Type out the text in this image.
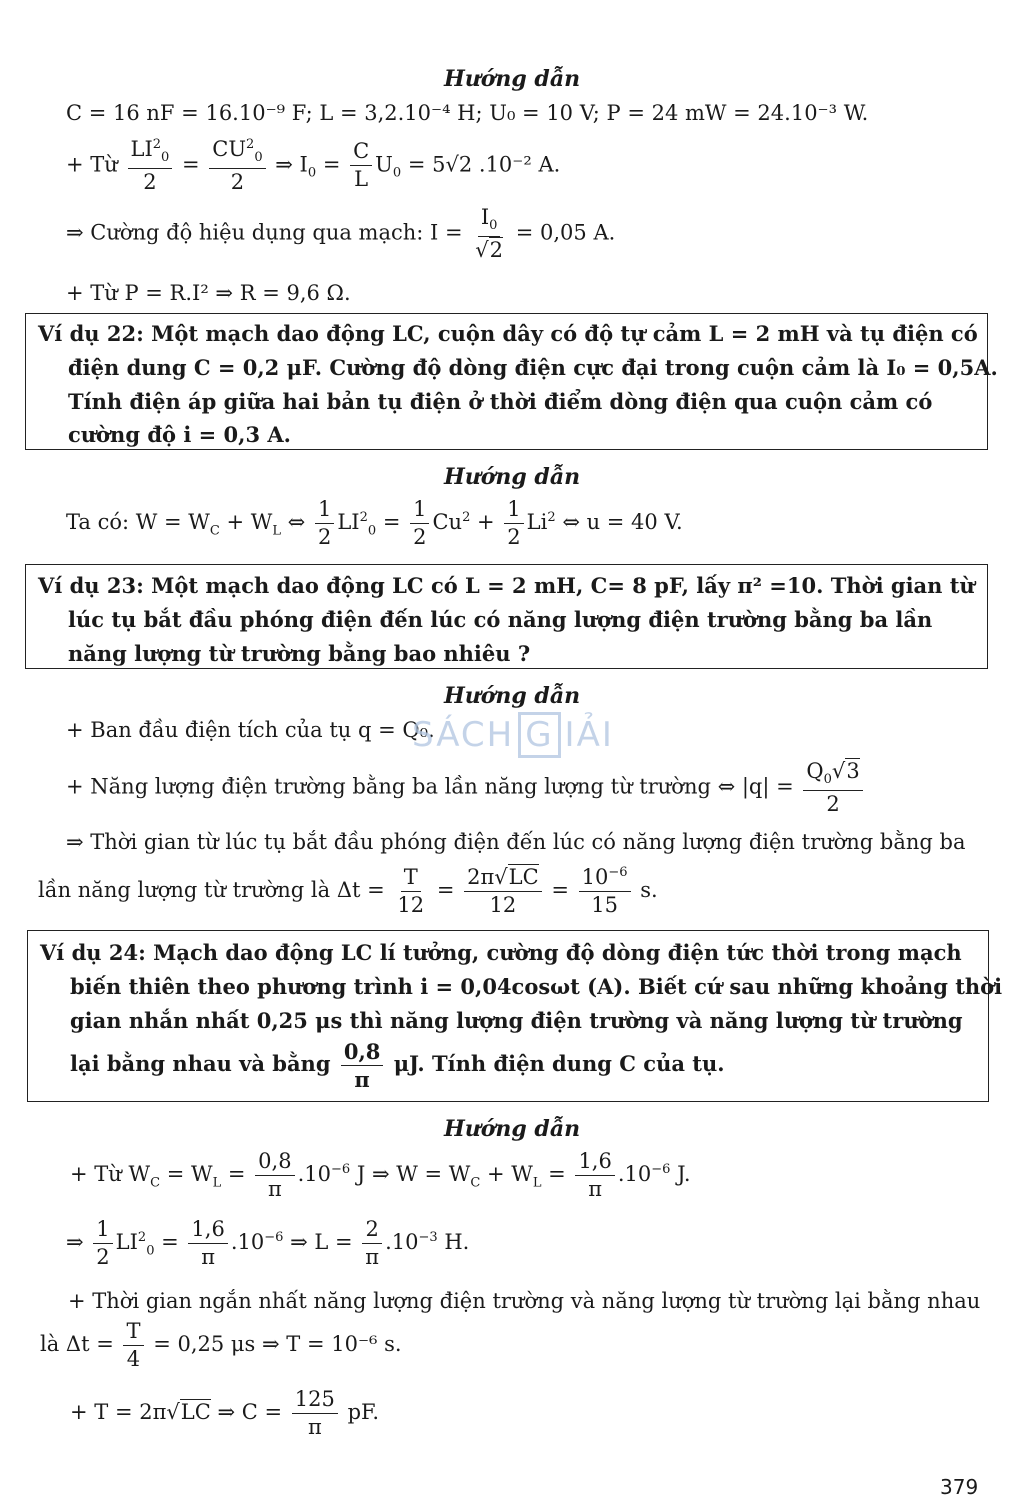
Hướng dẫn
C = 16 nF = 16.10⁻⁹ F; L = 3,2.10⁻⁴ H; U₀ = 10 V; P = 24 mW = 24.10⁻³ W.
+ Từ $\frac{LI^2_0}{2} = \frac{CU^2_0}{2}$ ⇒ $I_0 = \frac{C}{L} U_0 = 5√2$ .10⁻² A.
⇒ Cường độ hiệu dụng qua mạch: $I = \frac{I_0}{√2} = 0,05$ A.
+ Từ P = R.I² ⇒ R = 9,6 Ω.
Ví dụ 22: Một mạch dao động LC, cuộn dây có độ tự cảm L = 2 mH và tụ điện có
điện dung C = 0,2 μF. Cường độ dòng điện cực đại trong cuộn cảm là I₀ = 0,5A.
Tính điện áp giữa hai bản tụ điện ở thời điểm dòng điện qua cuộn cảm có
cường độ i = 0,3 A.
Hướng dẫn
Ta có: $W = W_C + W_L$ ⇔ $\frac{1}{2} LI^2_0 = \frac{1}{2} Cu^2 + \frac{1}{2} Li^2$ ⇔ u = 40 V.
Ví dụ 23: Một mạch dao động LC có L = 2 mH, C= 8 pF, lấy π² =10. Thời gian từ
lúc tụ bắt đầu phóng điện đến lúc có năng lượng điện trường bằng ba lần
năng lượng từ trường bằng bao nhiêu ?
Hướng dẫn
+ Ban đầu điện tích của tụ q = Q₀.
+ Năng lượng điện trường bằng ba lần năng lượng từ trường ⇔ $|q| = \frac{Q_0√3}{2}$
⇒ Thời gian từ lúc tụ bắt đầu phóng điện đến lúc có năng lượng điện trường bằng ba
lần năng lượng từ trường là $\Delta t = \frac{T}{12} = \frac{2\pi√LC}{12} = \frac{10^{-6}}{15} s$.
Ví dụ 24: Mạch dao động LC lí tưởng, cường độ dòng điện tức thời trong mạch
biến thiên theo phương trình i = 0,04cosωt (A). Biết cứ sau những khoảng thời
gian nhắn nhất 0,25 μs thì năng lượng điện trường và năng lượng từ trường
lại bằng nhau và bằng $\frac{0,8}{\pi} \mu J$. Tính điện dung C của tụ.
Hướng dẫn
+ Từ $W_C = W_L = \frac{0,8}{\pi} .10^{-6}$ J ⇒ $W = W_C + W_L = \frac{1,6}{\pi} .10^{-6}$ J.
⇒ $\frac{1}{2} LI^2_0 = \frac{1,6}{\pi} .10^{-6}$ ⇒ $L = \frac{2}{\pi} .10^{-3}$ H.
+ Thời gian ngắn nhất năng lượng điện trường và năng lượng từ trường lại bằng nhau
là $\Delta t = \frac{T}{4} = 0,25$ μs ⇒ T = 10⁻⁶ s.
+ T = 2π√LC ⇒ $C = \frac{125}{\pi}$ pF.
SÁCH G IẢI
379
